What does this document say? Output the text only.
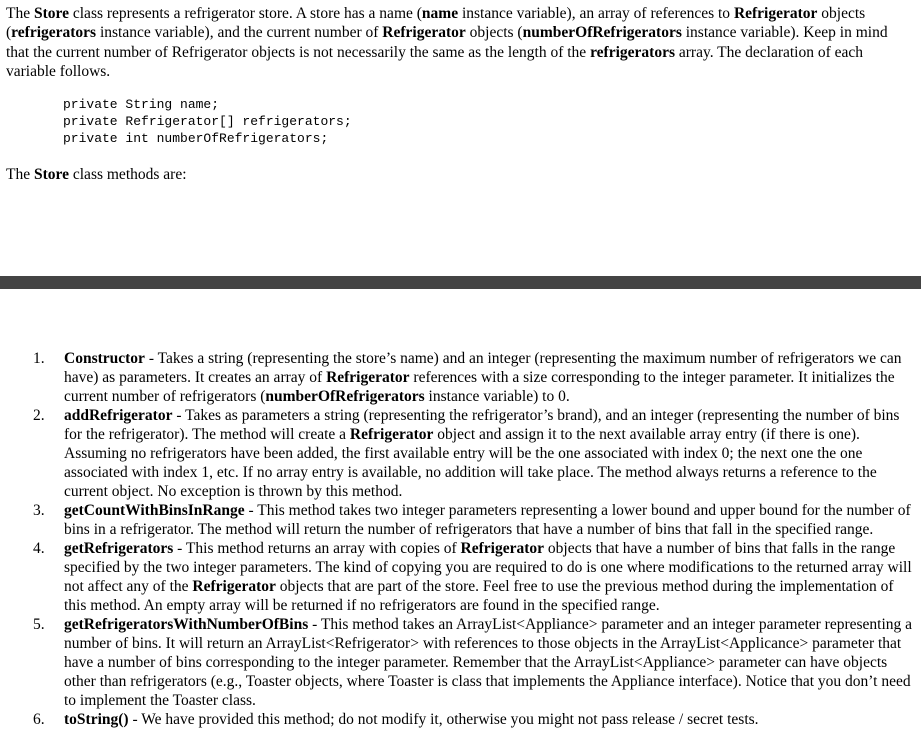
The Store class represents a refrigerator store. A store has a name (name instance variable), an array of references to Refrigerator objects (refrigerators instance variable), and the current number of Refrigerator objects (numberOfRefrigerators instance variable). Keep in mind that the current number of Refrigerator objects is not necessarily the same as the length of the refrigerators array. The declaration of each variable follows.

private String name;
private Refrigerator[] refrigerators;
private int numberOfRefrigerators;

The Store class methods are:

1. Constructor - Takes a string (representing the store’s name) and an integer (representing the maximum number of refrigerators we can have) as parameters. It creates an array of Refrigerator references with a size corresponding to the integer parameter. It initializes the current number of refrigerators (numberOfRefrigerators instance variable) to 0.
2. addRefrigerator - Takes as parameters a string (representing the refrigerator’s brand), and an integer (representing the number of bins for the refrigerator). The method will create a Refrigerator object and assign it to the next available array entry (if there is one). Assuming no refrigerators have been added, the first available entry will be the one associated with index 0; the next one the one associated with index 1, etc. If no array entry is available, no addition will take place. The method always returns a reference to the current object. No exception is thrown by this method.
3. getCountWithBinsInRange - This method takes two integer parameters representing a lower bound and upper bound for the number of bins in a refrigerator. The method will return the number of refrigerators that have a number of bins that fall in the specified range.
4. getRefrigerators - This method returns an array with copies of Refrigerator objects that have a number of bins that falls in the range specified by the two integer parameters. The kind of copying you are required to do is one where modifications to the returned array will not affect any of the Refrigerator objects that are part of the store. Feel free to use the previous method during the implementation of this method. An empty array will be returned if no refrigerators are found in the specified range.
5. getRefrigeratorsWithNumberOfBins - This method takes an ArrayList<Appliance> parameter and an integer parameter representing a number of bins. It will return an ArrayList<Refrigerator> with references to those objects in the ArrayList<Applicance> parameter that have a number of bins corresponding to the integer parameter. Remember that the ArrayList<Appliance> parameter can have objects other than refrigerators (e.g., Toaster objects, where Toaster is class that implements the Appliance interface). Notice that you don’t need to implement the Toaster class.
6. toString() - We have provided this method; do not modify it, otherwise you might not pass release / secret tests.
